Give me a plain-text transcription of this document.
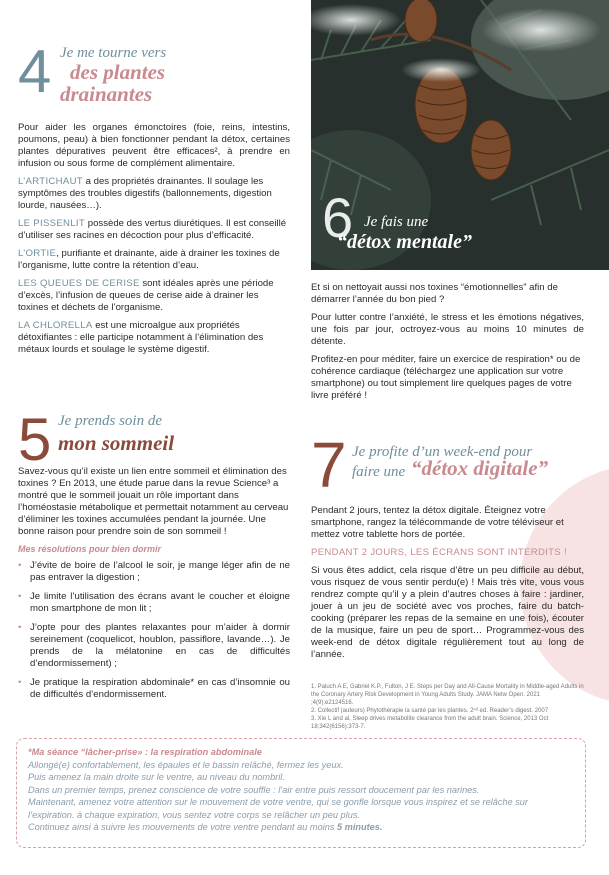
4 Je me tourne vers
des plantes
drainantes

Pour aider les organes émonctoires (foie, reins, intestins, poumons, peau) à bien fonctionner pendant la détox, certaines plantes dépuratives peuvent être efficaces², à prendre en infusion ou sous forme de complément alimentaire.

L’ARTICHAUT a des propriétés drainantes. Il soulage les symptômes des troubles digestifs (ballonnements, digestion lourde, nausées…).

LE PISSENLIT possède des vertus diurétiques. Il est conseillé d’utiliser ses racines en décoction pour plus d’efficacité.

L’ORTIE, purifiante et drainante, aide à drainer les toxines de l’organisme, lutte contre la rétention d’eau.

LES QUEUES DE CERISE sont idéales après une période d’excès, l’infusion de queues de cerise aide à drainer les toxines et déchets de l’organisme.

LA CHLORELLA est une microalgue aux propriétés détoxifiantes : elle participe notamment à l’élimination des métaux lourds et soulage le système digestif.

5 Je prends soin de
mon sommeil

Savez-vous qu’il existe un lien entre sommeil et élimination des toxines ? En 2013, une étude parue dans la revue Science³ a montré que le sommeil jouait un rôle important dans l’homéostasie métabolique et permettait notamment au cerveau d’éliminer les toxines accumulées pendant la journée. Une bonne raison pour prendre soin de son sommeil !

Mes résolutions pour bien dormir

• J’évite de boire de l’alcool le soir, je mange léger afin de ne pas entraver la digestion ;
• Je limite l’utilisation des écrans avant le coucher et éloigne mon smartphone de mon lit ;
• J’opte pour des plantes relaxantes pour m’aider à dormir sereinement (coquelicot, houblon, passiflore, lavande…). Je prends de la mélatonine en cas de difficultés d’endormissement) ;
• Je pratique la respiration abdominale* en cas d’insomnie ou de difficultés d’endormissement.
6 Je fais une
“détox mentale”

Et si on nettoyait aussi nos toxines “émotionnelles” afin de démarrer l’année du bon pied ?

Pour lutter contre l’anxiété, le stress et les émotions négatives, une fois par jour, octroyez-vous au moins 10 minutes de détente.

Profitez-en pour méditer, faire un exercice de respiration* ou de cohérence cardiaque (téléchargez une application sur votre smartphone) ou tout simplement lire quelques pages de votre livre préféré !

7 Je profite d’un week-end pour
faire une “détox digitale”

Pendant 2 jours, tentez la détox digitale. Éteignez votre smartphone, rangez la télécommande de votre téléviseur et mettez votre tablette hors de portée.

PENDANT 2 JOURS, LES ÉCRANS SONT INTERDITS !

Si vous êtes addict, cela risque d’être un peu difficile au début, vous risquez de vous sentir perdu(e) ! Mais très vite, vous vous rendrez compte qu’il y a plein d’autres choses à faire : jardiner, jouer à un jeu de société avec vos proches, faire du batch-cooking (préparer les repas de la semaine en une fois), écouter de la musique, faire un peu de sport… Programmez-vous des week-end de détox digitale régulièrement tout au long de l’année.

1. Paluch A E, Gabriel K.P., Fulton, J E. Steps per Day and All-Cause Mortality in Middle-aged Adults in the Coronary Artery Risk Development in Young Adults Study. JAMA Netw Open. 2021 ;4(9):e2124516.
2. Collectif (auteurs) Phytothérapie la santé par les plantes. 2ⁿᵈ ed. Reader’s digest. 2007
3. Xie L and al, Sleep drives metabolite clearance from the adult brain. Science, 2013 Oct 18;342(6156):373-7.
*Ma séance “lâcher-prise» : la respiration abdominale
Allongé(e) confortablement, les épaules et le bassin relâché, fermez les yeux.
Puis amenez la main droite sur le ventre, au niveau du nombril.
Dans un premier temps, prenez conscience de votre souffle : l’air entre puis ressort doucement par les narines.
Maintenant, amenez votre attention sur le mouvement de votre ventre, qui se gonfle lorsque vous inspirez et se relâche sur l’expiration. à chaque expiration, vous sentez votre corps se relâcher un peu plus.
Continuez ainsi à suivre les mouvements de votre ventre pendant au moins 5 minutes.
